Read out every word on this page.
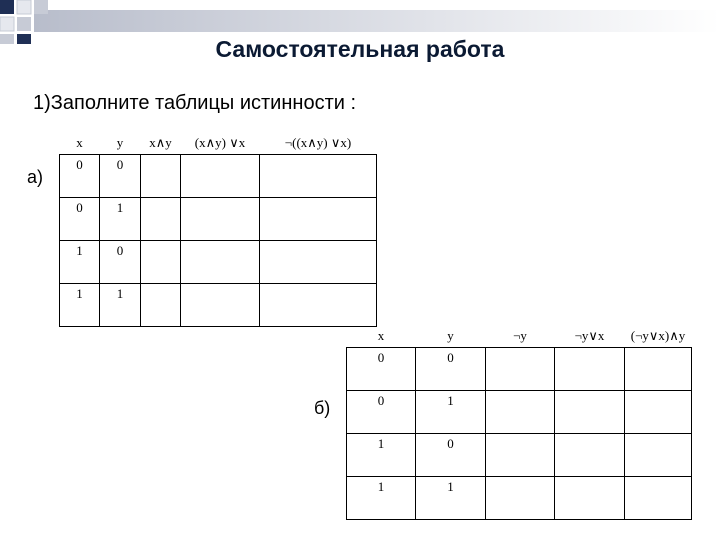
Самостоятельная работа
1)Заполните таблицы истинности :
а)
б)
x	y	x∧y	(x∧y) ∨x	¬((x∧y) ∨x)
0	0			
0	1			
1	0			
1	1			
x	y	¬y	¬y∨x	(¬y∨x)∧y
0	0			
0	1			
1	0			
1	1			
